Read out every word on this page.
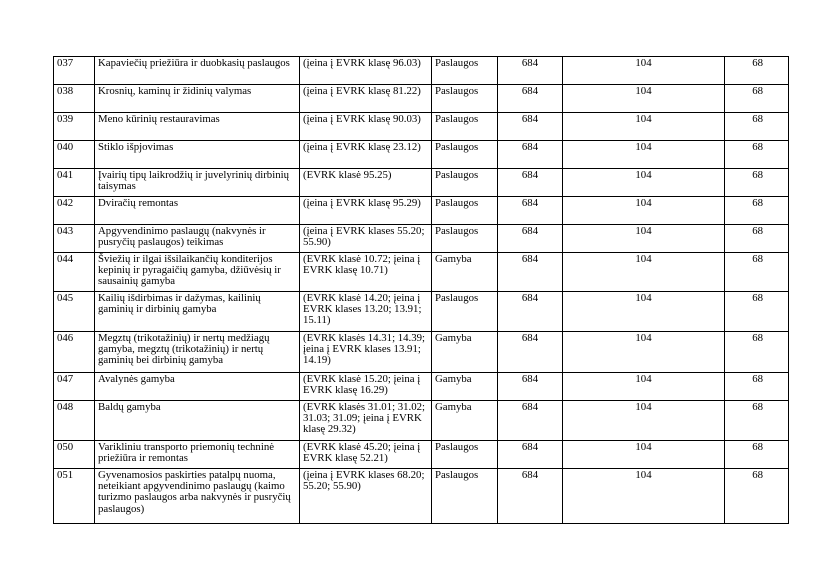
037	Kapaviečių priežiūra ir duobkasių paslaugos	(įeina į EVRK klasę 96.03)	Paslaugos	684	104	68
038	Krosnių, kaminų ir židinių valymas	(įeina į EVRK klasę 81.22)	Paslaugos	684	104	68
039	Meno kūrinių restauravimas	(įeina į EVRK klasę 90.03)	Paslaugos	684	104	68
040	Stiklo išpjovimas	(įeina į EVRK klasę 23.12)	Paslaugos	684	104	68
041	Įvairių tipų laikrodžių ir juvelyrinių dirbinių taisymas	(EVRK klasė 95.25)	Paslaugos	684	104	68
042	Dviračių remontas	(įeina į EVRK klasę 95.29)	Paslaugos	684	104	68
043	Apgyvendinimo paslaugų (nakvynės ir pusryčių paslaugos) teikimas	(įeina į EVRK klases 55.20; 55.90)	Paslaugos	684	104	68
044	Šviežių ir ilgai išsilaikančių konditerijos kepinių ir pyragaičių gamyba, džiūvėsių ir sausainių gamyba	(EVRK klasė 10.72; įeina į EVRK klasę 10.71)	Gamyba	684	104	68
045	Kailių išdirbimas ir dažymas, kailinių gaminių ir dirbinių gamyba	(EVRK klasė 14.20; įeina į EVRK klases 13.20; 13.91; 15.11)	Paslaugos	684	104	68
046	Megztų (trikotažinių) ir nertų medžiagų gamyba, megztų (trikotažinių) ir nertų gaminių bei dirbinių gamyba	(EVRK klasės 14.31; 14.39; įeina į EVRK klases 13.91; 14.19)	Gamyba	684	104	68
047	Avalynės gamyba	(EVRK klasė 15.20; įeina į EVRK klasę 16.29)	Gamyba	684	104	68
048	Baldų gamyba	(EVRK klasės 31.01; 31.02; 31.03; 31.09; įeina į EVRK klasę 29.32)	Gamyba	684	104	68
050	Varikliniu transporto priemonių techninė priežiūra ir remontas	(EVRK klasė 45.20; įeina į EVRK klasę 52.21)	Paslaugos	684	104	68
051	Gyvenamosios paskirties patalpų nuoma, neteikiant apgyvendinimo paslaugų (kaimo turizmo paslaugos arba nakvynės ir pusryčių paslaugos)	(įeina į EVRK klases 68.20; 55.20; 55.90)	Paslaugos	684	104	68
